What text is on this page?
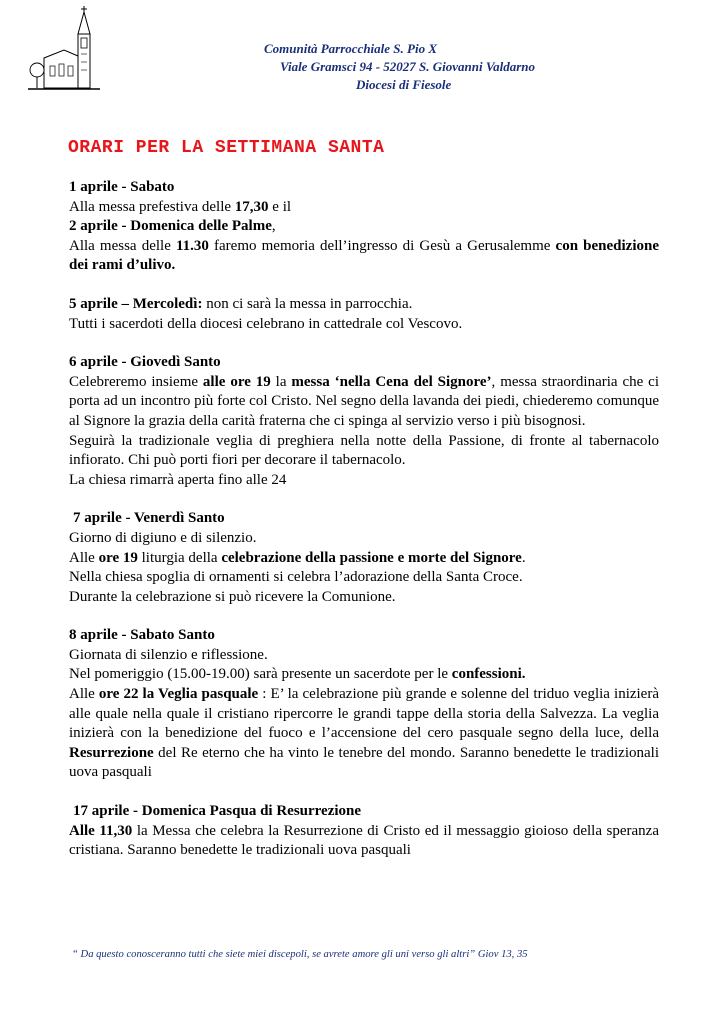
Comunità Parrocchiale S. Pio X
Viale Gramsci 94 - 52027 S. Giovanni Valdarno
Diocesi di Fiesole
ORARI PER LA SETTIMANA SANTA

1 aprile - Sabato

Alla messa prefestiva delle 17,30 e il

2 aprile - Domenica delle Palme,

Alla messa delle 11.30 faremo memoria dell’ingresso di Gesù a Gerusalemme con benedizione dei rami d’ulivo.

5 aprile – Mercoledì: non ci sarà la messa in parrocchia.

Tutti i sacerdoti della diocesi celebrano in cattedrale col Vescovo.

6 aprile - Giovedì Santo

Celebreremo insieme alle ore 19 la messa ‘nella Cena del Signore’, messa straordinaria che ci porta ad un incontro più forte col Cristo. Nel segno della lavanda dei piedi, chiederemo comunque al Signore la grazia della carità fraterna che ci spinga al servizio verso i più bisognosi.

Seguirà la tradizionale veglia di preghiera nella notte della Passione, di fronte al tabernacolo infiorato. Chi può porti fiori per decorare il tabernacolo.

La chiesa rimarrà aperta fino alle 24

7 aprile - Venerdì Santo

Giorno di digiuno e di silenzio.

Alle ore 19 liturgia della celebrazione della passione e morte del Signore.

Nella chiesa spoglia di ornamenti si celebra l’adorazione della Santa Croce.

Durante la celebrazione si può ricevere la Comunione.

8 aprile - Sabato Santo

Giornata di silenzio e riflessione.

Nel pomeriggio (15.00-19.00) sarà presente un sacerdote per le confessioni.

Alle ore 22 la Veglia pasquale : E’ la celebrazione più grande e solenne del triduo veglia inizierà alle quale nella quale il cristiano ripercorre le grandi tappe della storia della Salvezza. La veglia inizierà con la benedizione del fuoco e l’accensione del cero pasquale segno della luce, della Resurrezione del Re eterno che ha vinto le tenebre del mondo. Saranno benedette le tradizionali uova pasquali

17 aprile - Domenica Pasqua di Resurrezione

Alle 11,30 la Messa che celebra la Resurrezione di Cristo ed il messaggio gioioso della speranza cristiana. Saranno benedette le tradizionali uova pasquali

“ Da questo conosceranno tutti che siete miei discepoli, se avrete amore gli uni verso gli altri” Giov 13, 35
